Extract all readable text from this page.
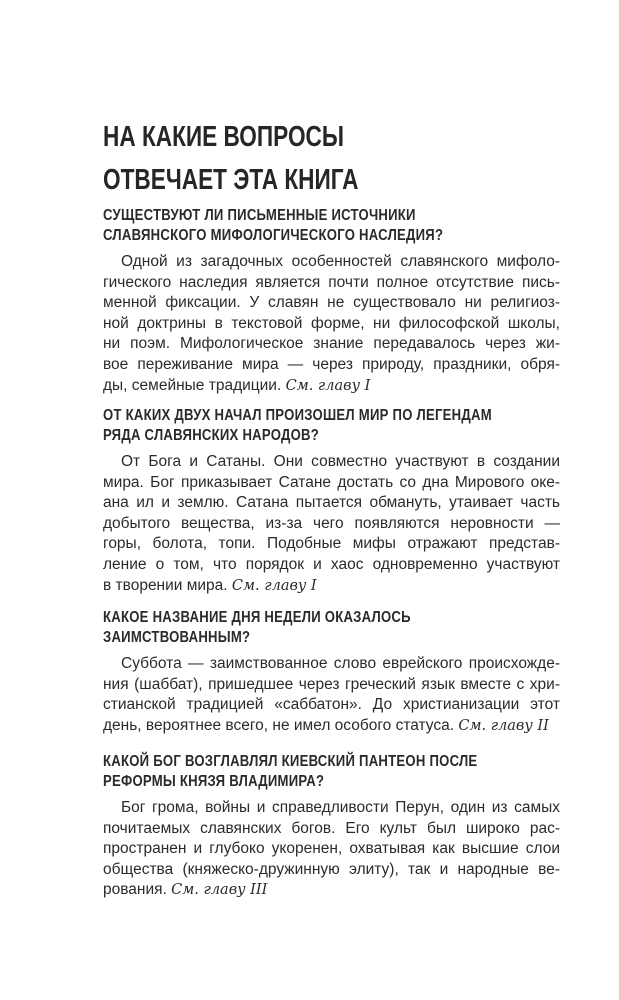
НА КАКИЕ ВОПРОСЫ
ОТВЕЧАЕТ ЭТА КНИГА
СУЩЕСТВУЮТ ЛИ ПИСЬМЕННЫЕ ИСТОЧНИКИ
СЛАВЯНСКОГО МИФОЛОГИЧЕСКОГО НАСЛЕДИЯ?
Одной из загадочных особенностей славянского мифоло-
гического наследия является почти полное отсутствие пись-
менной фиксации. У славян не существовало ни религиоз-
ной доктрины в текстовой форме, ни философской школы,
ни поэм. Мифологическое знание передавалось через жи-
вое переживание мира — через природу, праздники, обря-
ды, семейные традиции. См. главу I
ОТ КАКИХ ДВУХ НАЧАЛ ПРОИЗОШЕЛ МИР ПО ЛЕГЕНДАМ
РЯДА СЛАВЯНСКИХ НАРОДОВ?
От Бога и Сатаны. Они совместно участвуют в создании
мира. Бог приказывает Сатане достать со дна Мирового оке-
ана ил и землю. Сатана пытается обмануть, утаивает часть
добытого вещества, из-за чего появляются неровности —
горы, болота, топи. Подобные мифы отражают представ-
ление о том, что порядок и хаос одновременно участвуют
в творении мира. См. главу I
КАКОЕ НАЗВАНИЕ ДНЯ НЕДЕЛИ ОКАЗАЛОСЬ
ЗАИМСТВОВАННЫМ?
Суббота — заимствованное слово еврейского происхожде-
ния (шаббат), пришедшее через греческий язык вместе с хри-
стианской традицией «саббатон». До христианизации этот
день, вероятнее всего, не имел особого статуса. См. главу II
КАКОЙ БОГ ВОЗГЛАВЛЯЛ КИЕВСКИЙ ПАНТЕОН ПОСЛЕ
РЕФОРМЫ КНЯЗЯ ВЛАДИМИРА?
Бог грома, войны и справедливости Перун, один из самых
почитаемых славянских богов. Его культ был широко рас-
пространен и глубоко укоренен, охватывая как высшие слои
общества (княжеско-дружинную элиту), так и народные ве-
рования. См. главу III
